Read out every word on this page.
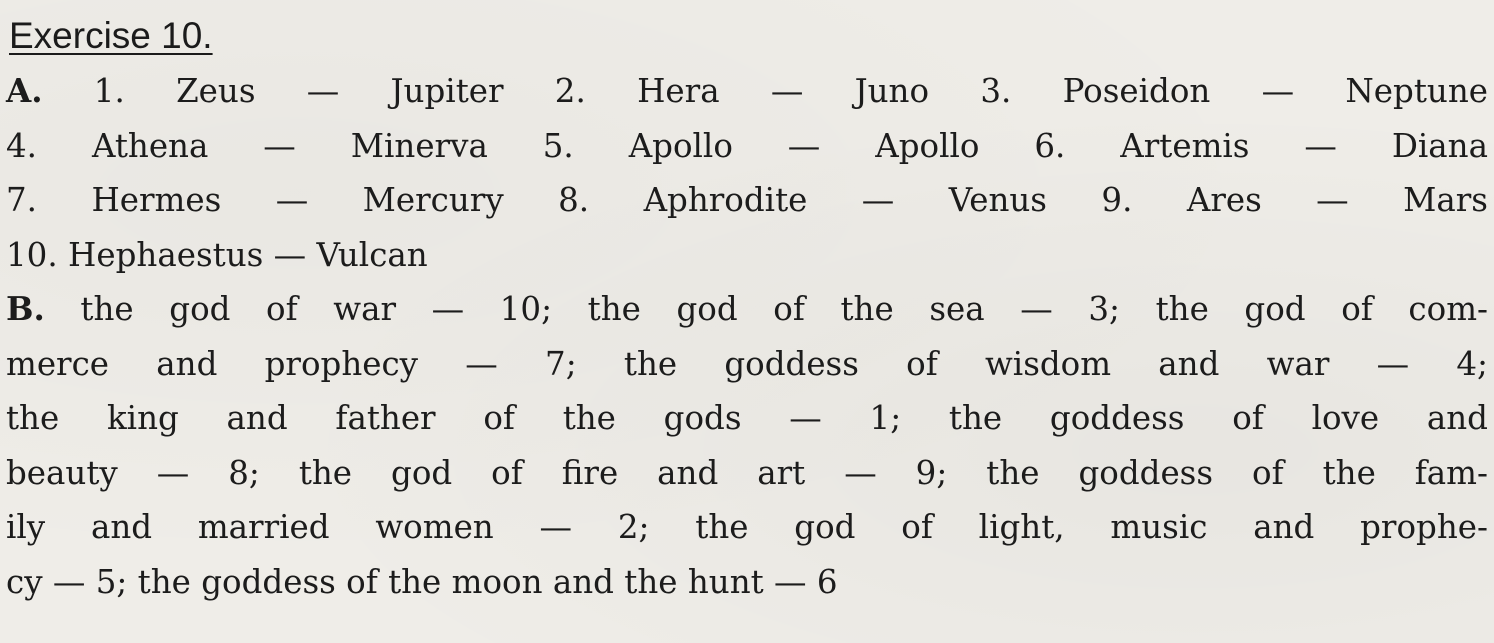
Exercise 10.
A. 1. Zeus — Jupiter 2. Hera — Juno 3. Poseidon — Neptune
4. Athena — Minerva 5. Apollo — Apollo 6. Artemis — Diana
7. Hermes — Mercury 8. Aphrodite — Venus 9. Ares — Mars
10. Hephaestus — Vulcan
B. the god of war — 10; the god of the sea — 3; the god of com-
merce and prophecy — 7; the goddess of wisdom and war — 4;
the king and father of the gods — 1; the goddess of love and
beauty — 8; the god of fire and art — 9; the goddess of the fam-
ily and married women — 2; the god of light, music and prophe-
cy — 5; the goddess of the moon and the hunt — 6
